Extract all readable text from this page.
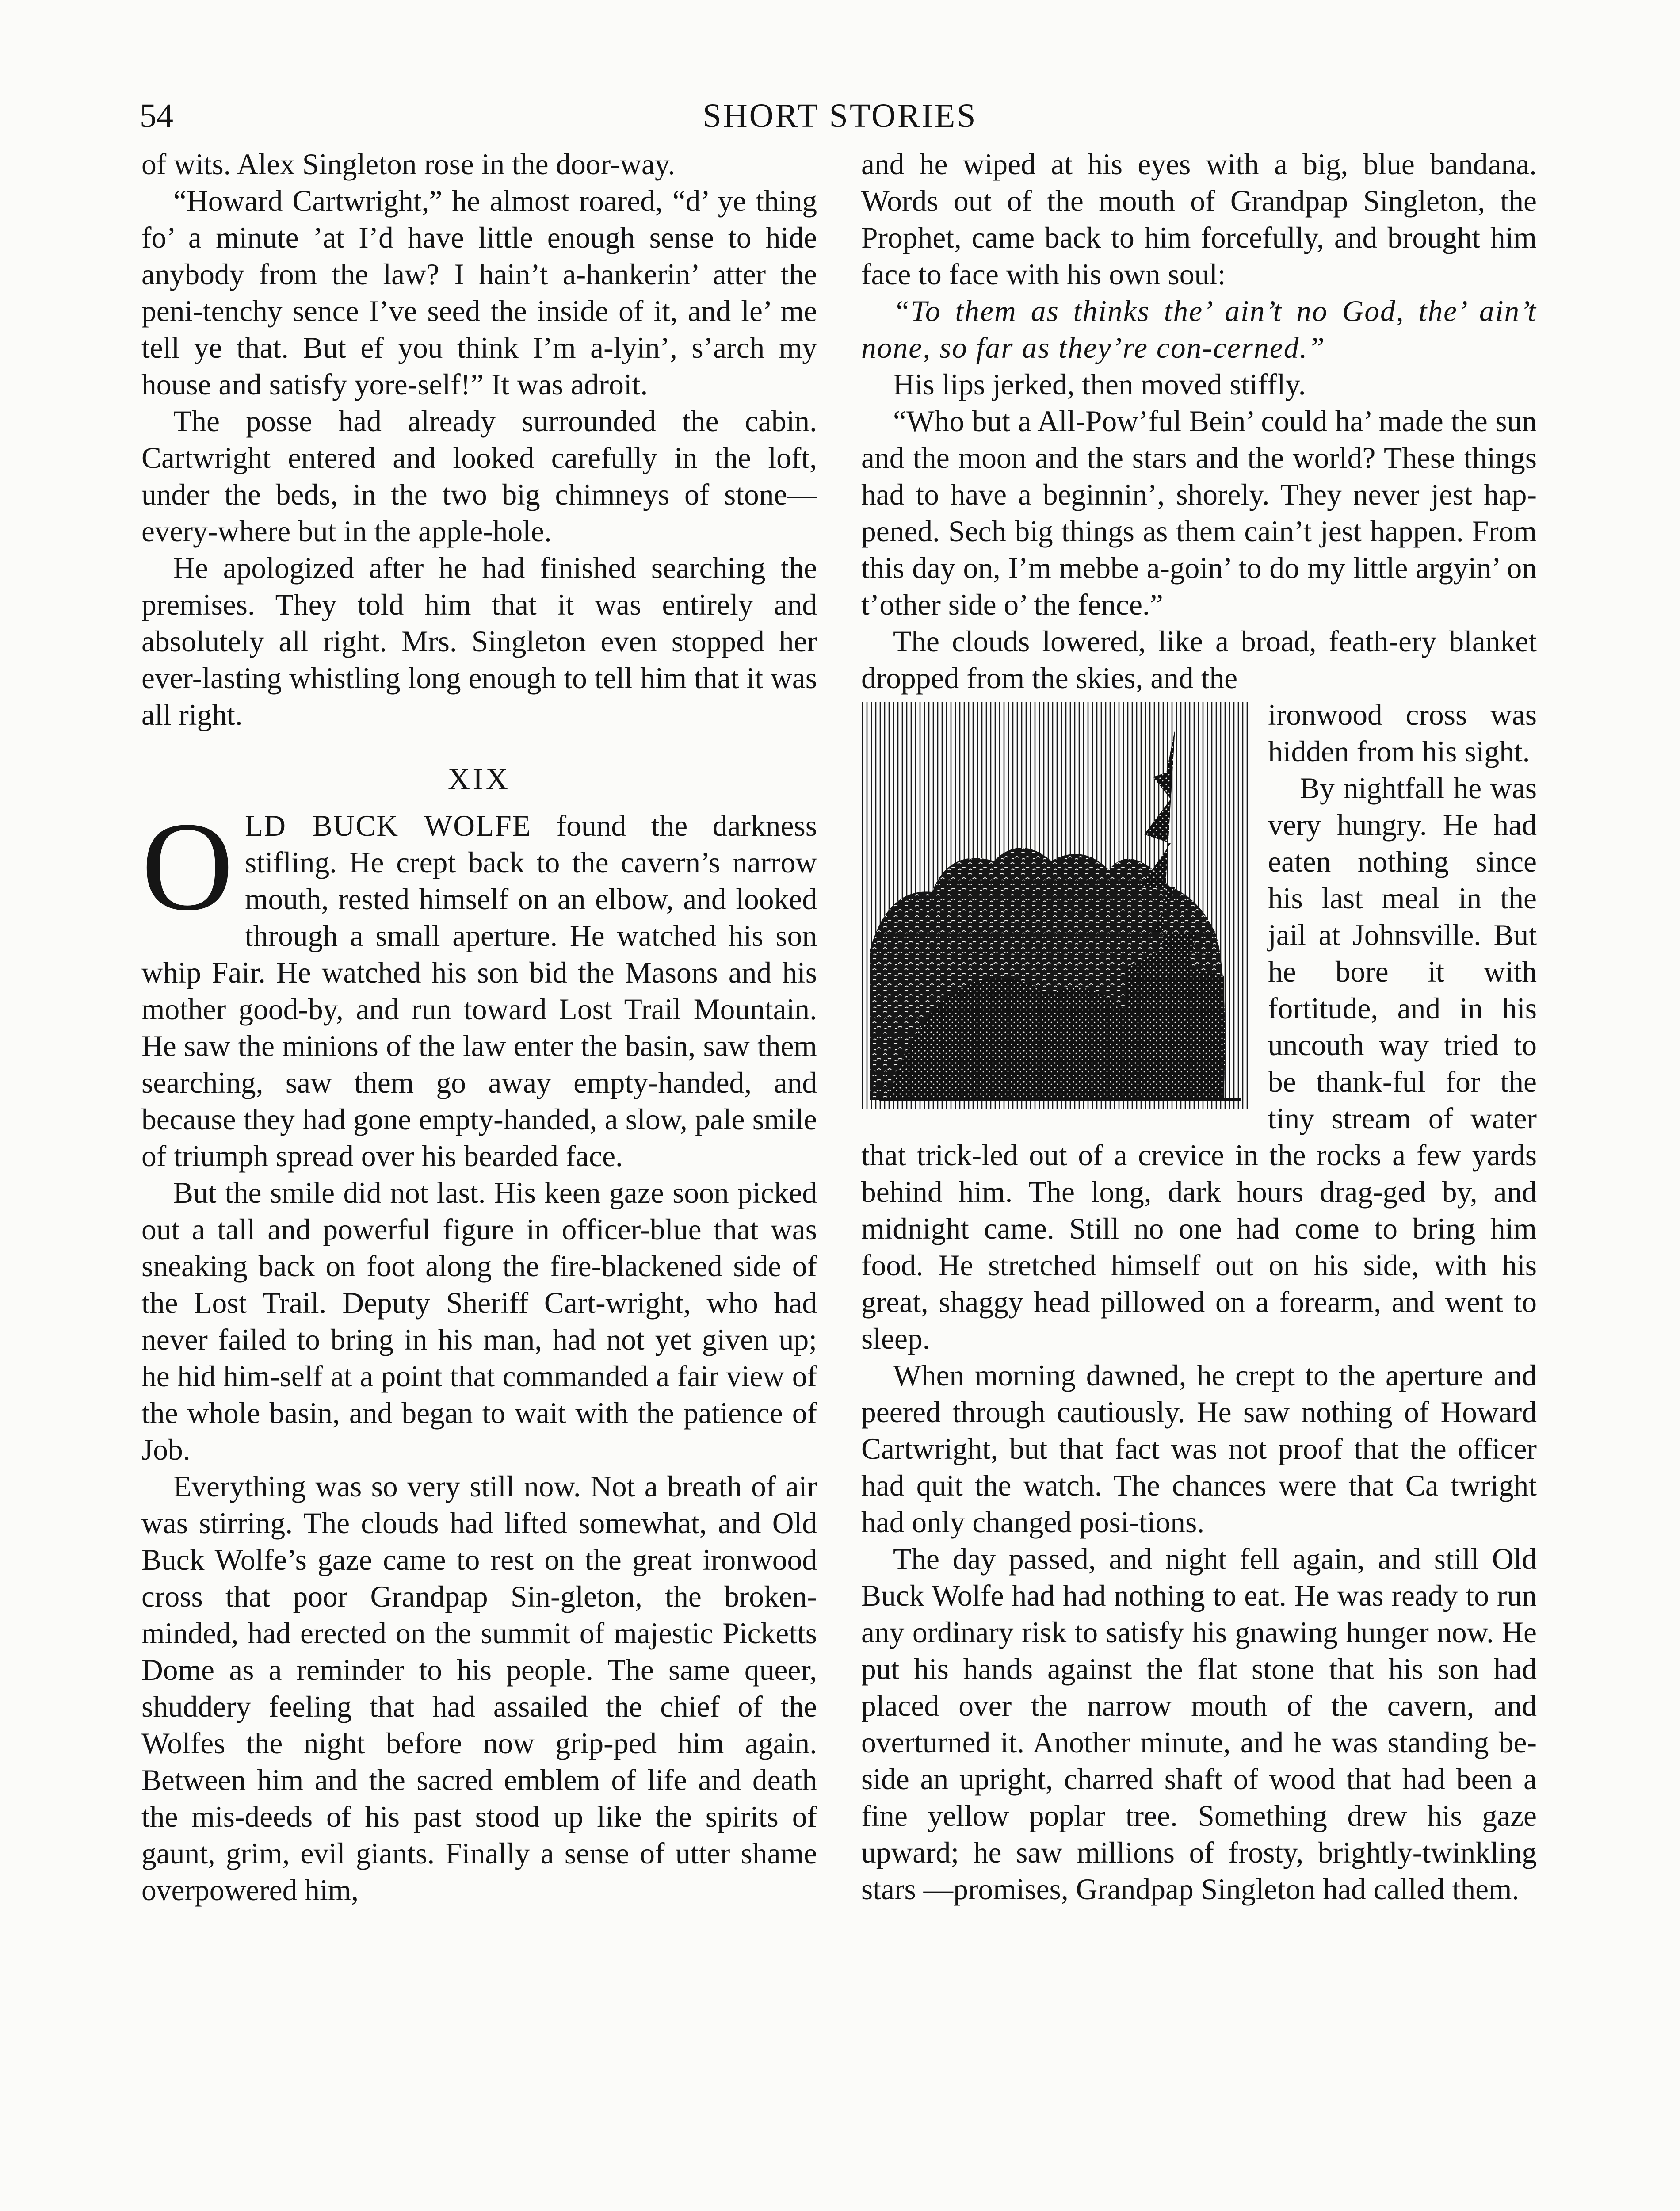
54	SHORT STORIES

of wits. Alex Singleton rose in the door-way.

“Howard Cartwright,” he almost roared, “d’ ye thing fo’ a minute ’at I’d have little enough sense to hide anybody from the law? I hain’t a-hankerin’ atter the peni-tenchy sence I’ve seed the inside of it, and le’ me tell ye that. But ef you think I’m a-lyin’, s’arch my house and satisfy yore-self!” It was adroit.

The posse had already surrounded the cabin. Cartwright entered and looked carefully in the loft, under the beds, in the two big chimneys of stone—every-where but in the apple-hole.

He apologized after he had finished searching the premises. They told him that it was entirely and absolutely all right. Mrs. Singleton even stopped her ever-lasting whistling long enough to tell him that it was all right.

XIX

OLD BUCK WOLFE found the darkness stifling. He crept back to the cavern’s narrow mouth, rested himself on an elbow, and looked through a small aperture. He watched his son whip Fair. He watched his son bid the Masons and his mother good-by, and run toward Lost Trail Mountain. He saw the minions of the law enter the basin, saw them searching, saw them go away empty-handed, and because they had gone empty-handed, a slow, pale smile of triumph spread over his bearded face.

But the smile did not last. His keen gaze soon picked out a tall and powerful figure in officer-blue that was sneaking back on foot along the fire-blackened side of the Lost Trail. Deputy Sheriff Cart-wright, who had never failed to bring in his man, had not yet given up; he hid him-self at a point that commanded a fair view of the whole basin, and began to wait with the patience of Job.

Everything was so very still now. Not a breath of air was stirring. The clouds had lifted somewhat, and Old Buck Wolfe’s gaze came to rest on the great ironwood cross that poor Grandpap Sin-gleton, the broken-minded, had erected on the summit of majestic Picketts Dome as a reminder to his people. The same queer, shuddery feeling that had assailed the chief of the Wolfes the night before now grip-ped him again. Between him and the sacred emblem of life and death the mis-deeds of his past stood up like the spirits of gaunt, grim, evil giants. Finally a sense of utter shame overpowered him,

and he wiped at his eyes with a big, blue bandana. Words out of the mouth of Grandpap Singleton, the Prophet, came back to him forcefully, and brought him face to face with his own soul:

“To them as thinks the’ ain’t no God, the’ ain’t none, so far as they’re con-cerned.”

His lips jerked, then moved stiffly.

“Who but a All-Pow’ful Bein’ could ha’ made the sun and the moon and the stars and the world? These things had to have a beginnin’, shorely. They never jest hap-pened. Sech big things as them cain’t jest happen. From this day on, I’m mebbe a-goin’ to do my little argyin’ on t’other side o’ the fence.”

The clouds lowered, like a broad, feath-ery blanket dropped from the skies, and the

ironwood cross was hidden from his sight.

By nightfall he was very hungry. He had eaten nothing since his last meal in the jail at Johnsville. But he bore it with fortitude, and in his uncouth way tried to be thank-ful for the tiny stream of water that trick-led out of a crevice in the rocks a few yards behind him. The long, dark hours drag-ged by, and midnight came. Still no one had come to bring him food. He stretched himself out on his side, with his great, shaggy head pillowed on a forearm, and went to sleep.

When morning dawned, he crept to the aperture and peered through cautiously. He saw nothing of Howard Cartwright, but that fact was not proof that the officer had quit the watch. The chances were that Ca twright had only changed posi-tions.

The day passed, and night fell again, and still Old Buck Wolfe had had nothing to eat. He was ready to run any ordinary risk to satisfy his gnawing hunger now. He put his hands against the flat stone that his son had placed over the narrow mouth of the cavern, and overturned it. Another minute, and he was standing be-side an upright, charred shaft of wood that had been a fine yellow poplar tree. Something drew his gaze upward; he saw millions of frosty, brightly-twinkling stars —promises, Grandpap Singleton had called them.
